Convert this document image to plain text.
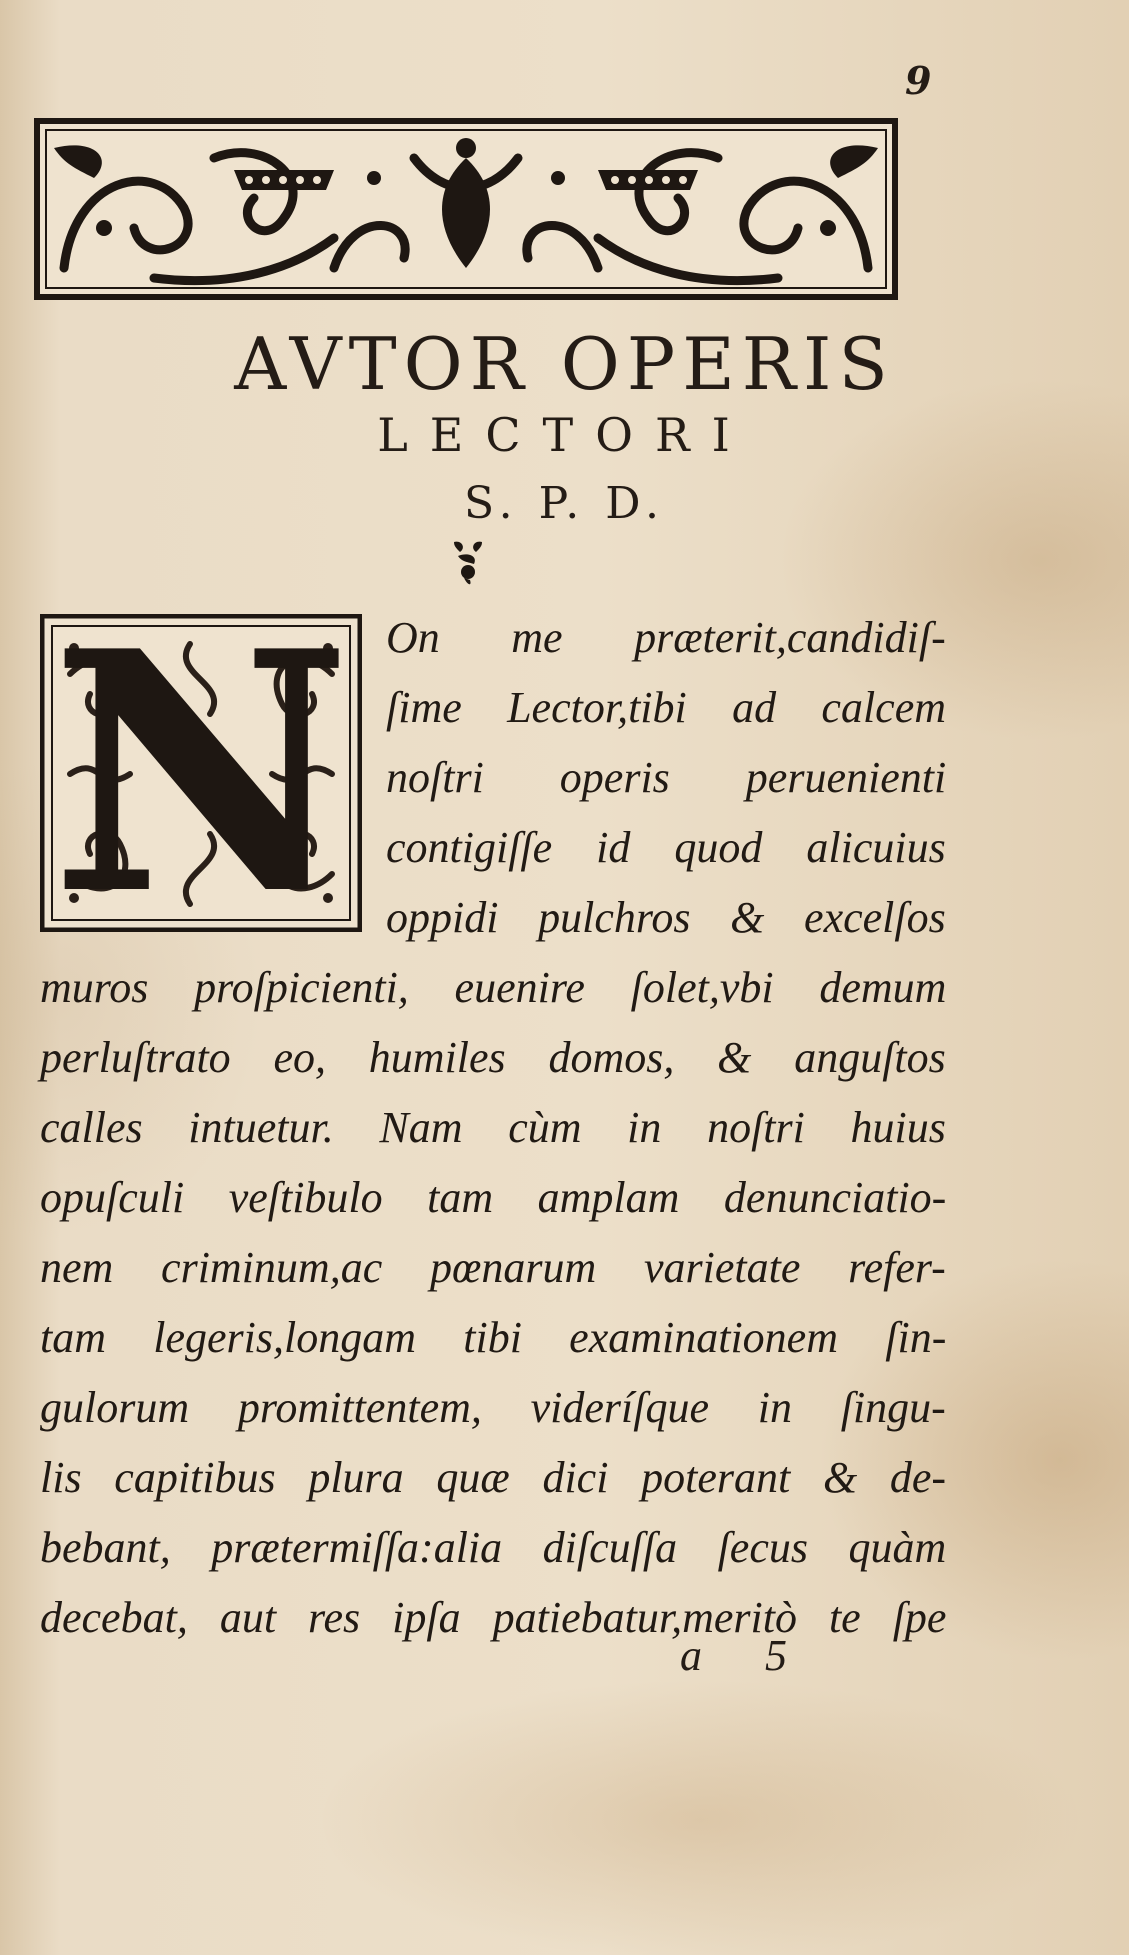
9
AVTOR OPERIS
LECTORI
S. P. D.
N On me præterit,candidiſ-
ſime Lector,tibi ad calcem
noſtri operis peruenienti
contigiſſe id quod alicuius
oppidi pulchros & excelſos
muros proſpicienti, euenire ſolet,vbi demum
perluſtrato eo, humiles domos, & anguſtos
calles intuetur. Nam cùm in noſtri huius
opuſculi veſtibulo tam amplam denunciatio-
nem criminum,ac pœnarum varietate refer-
tam legeris,longam tibi examinationem ſin-
gulorum promittentem, videríſque in ſingu-
lis capitibus plura quæ dici poterant & de-
bebant, prætermiſſa:alia diſcuſſa ſecus quàm
decebat, aut res ipſa patiebatur,meritò te ſpe
a 5
